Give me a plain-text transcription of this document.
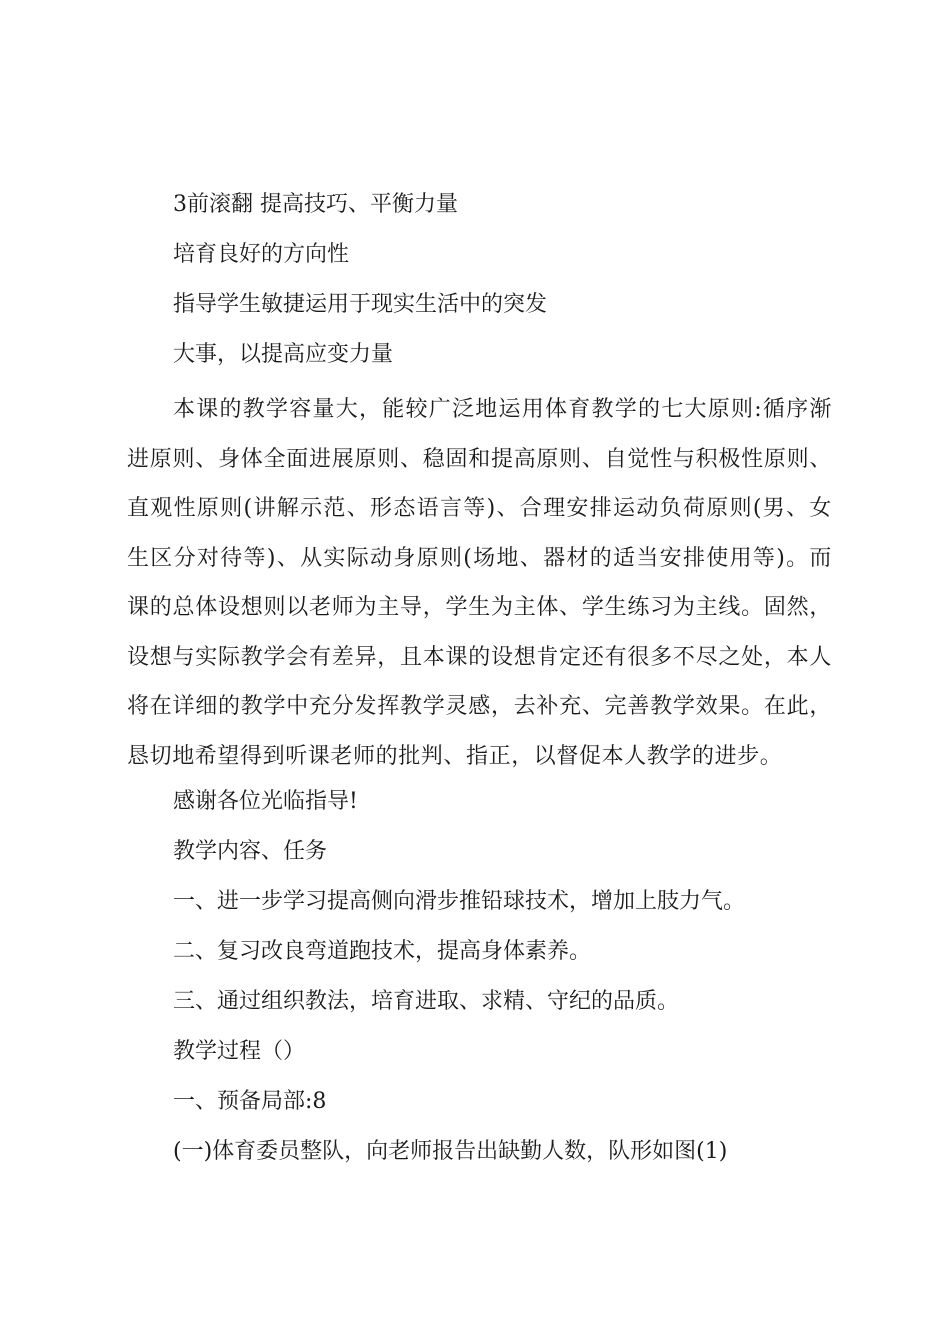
3前滚翻 提高技巧、平衡力量
培育良好的方向性
指导学生敏捷运用于现实生活中的突发
大事，以提高应变力量
本课的教学容量大，能较广泛地运用体育教学的七大原则:循序渐进原则、身体全面进展原则、稳固和提高原则、自觉性与积极性原则、直观性原则(讲解示范、形态语言等)、合理安排运动负荷原则(男、女生区分对待等)、从实际动身原则(场地、器材的适当安排使用等)。而课的总体设想则以老师为主导，学生为主体、学生练习为主线。固然，设想与实际教学会有差异，且本课的设想肯定还有很多不尽之处，本人将在详细的教学中充分发挥教学灵感，去补充、完善教学效果。在此，恳切地希望得到听课老师的批判、指正，以督促本人教学的进步。
感谢各位光临指导!
教学内容、任务
一、进一步学习提高侧向滑步推铅球技术，增加上肢力气。
二、复习改良弯道跑技术，提高身体素养。
三、通过组织教法，培育进取、求精、守纪的品质。
教学过程（）
一、预备局部:8
(一)体育委员整队，向老师报告出缺勤人数，队形如图(1)
